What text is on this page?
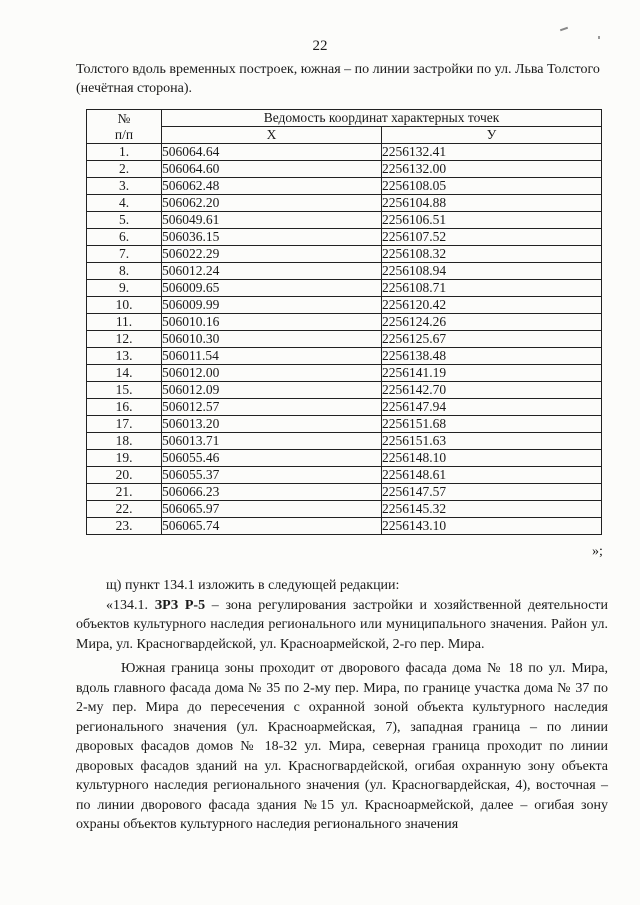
22
Толстого вдоль временных построек, южная – по линии застройки по ул. Льва Толстого (нечётная сторона).
№
п/п	Ведомость координат характерных точек	
	X	У
1.	506064.64	2256132.41
2.	506064.60	2256132.00
3.	506062.48	2256108.05
4.	506062.20	2256104.88
5.	506049.61	2256106.51
6.	506036.15	2256107.52
7.	506022.29	2256108.32
8.	506012.24	2256108.94
9.	506009.65	2256108.71
10.	506009.99	2256120.42
11.	506010.16	2256124.26
12.	506010.30	2256125.67
13.	506011.54	2256138.48
14.	506012.00	2256141.19
15.	506012.09	2256142.70
16.	506012.57	2256147.94
17.	506013.20	2256151.68
18.	506013.71	2256151.63
19.	506055.46	2256148.10
20.	506055.37	2256148.61
21.	506066.23	2256147.57
22.	506065.97	2256145.32
23.	506065.74	2256143.10
»;

щ) пункт 134.1 изложить в следующей редакции:

«134.1. ЗРЗ Р-5 – зона регулирования застройки и хозяйственной деятельности объектов культурного наследия регионального или муниципального значения. Район ул. Мира, ул. Красногвардейской, ул. Красноармейской, 2-го пер. Мира.

Южная граница зоны проходит от дворового фасада дома № 18 по ул. Мира, вдоль главного фасада дома № 35 по 2-му пер. Мира, по границе участка дома № 37 по 2-му пер. Мира до пересечения с охранной зоной объекта культурного наследия регионального значения (ул. Красноармейская, 7), западная граница – по линии дворовых фасадов домов № 18-32 ул. Мира, северная граница проходит по линии дворовых фасадов зданий на ул. Красногвардейской, огибая охранную зону объекта культурного наследия регионального значения (ул. Красногвардейская, 4), восточная – по линии дворового фасада здания №15 ул. Красноармейской, далее – огибая зону охраны объектов культурного наследия регионального значения
